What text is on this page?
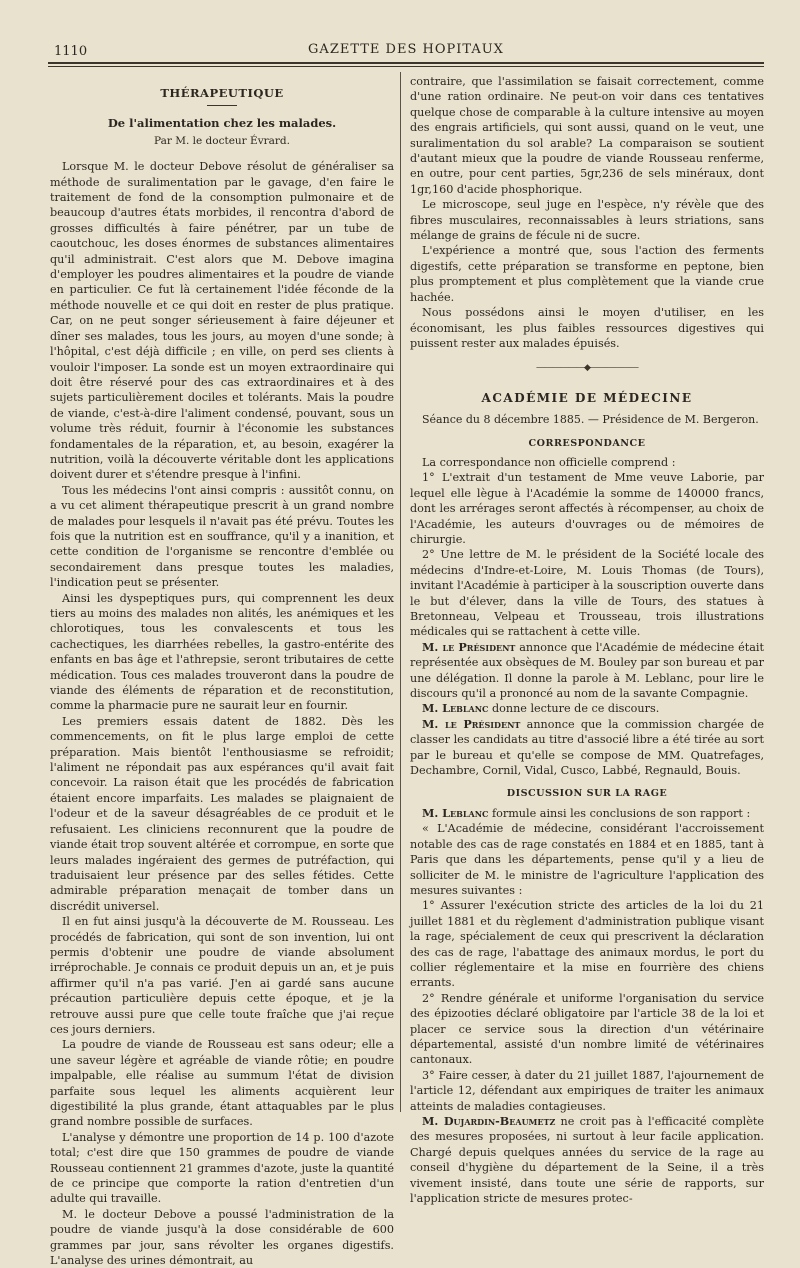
1110	GAZETTE DES HOPITAUX
THÉRAPEUTIQUE
De l'alimentation chez les malades.
Par M. le docteur Évrard.

Lorsque M. le docteur Debove résolut de généraliser sa méthode de suralimentation par le gavage, d'en faire le traitement de fond de la consomption pulmonaire et de beaucoup d'autres états morbides, il rencontra d'abord de grosses difficultés à faire pénétrer, par un tube de caoutchouc, les doses énormes de substances alimentaires qu'il administrait. C'est alors que M. Debove imagina d'employer les poudres alimentaires et la poudre de viande en particulier. Ce fut là certainement l'idée féconde de la méthode nouvelle et ce qui doit en rester de plus pratique. Car, on ne peut songer sérieusement à faire déjeuner et dîner ses malades, tous les jours, au moyen d'une sonde; à l'hôpital, c'est déjà difficile ; en ville, on perd ses clients à vouloir l'imposer. La sonde est un moyen extraordinaire qui doit être réservé pour des cas extraordinaires et à des sujets particulièrement dociles et tolérants. Mais la poudre de viande, c'est-à-dire l'aliment condensé, pouvant, sous un volume très réduit, fournir à l'économie les substances fondamentales de la réparation, et, au besoin, exagérer la nutrition, voilà la découverte véritable dont les applications doivent durer et s'étendre presque à l'infini.

Tous les médecins l'ont ainsi compris : aussitôt connu, on a vu cet aliment thérapeutique prescrit à un grand nombre de malades pour lesquels il n'avait pas été prévu. Toutes les fois que la nutrition est en souffrance, qu'il y a inanition, et cette condition de l'organisme se rencontre d'emblée ou secondairement dans presque toutes les maladies, l'indication peut se présenter.

Ainsi les dyspeptiques purs, qui comprennent les deux tiers au moins des malades non alités, les anémiques et les chlorotiques, tous les convalescents et tous les cachectiques, les diarrhées rebelles, la gastro-entérite des enfants en bas âge et l'athrepsie, seront tributaires de cette médication. Tous ces malades trouveront dans la poudre de viande des éléments de réparation et de reconstitution, comme la pharmacie pure ne saurait leur en fournir.

Les premiers essais datent de 1882. Dès les commencements, on fit le plus large emploi de cette préparation. Mais bientôt l'enthousiasme se refroidit; l'aliment ne répondait pas aux espérances qu'il avait fait concevoir. La raison était que les procédés de fabrication étaient encore imparfaits. Les malades se plaignaient de l'odeur et de la saveur désagréables de ce produit et le refusaient. Les cliniciens reconnurent que la poudre de viande était trop souvent altérée et corrompue, en sorte que leurs malades ingéraient des germes de putréfaction, qui traduisaient leur présence par des selles fétides. Cette admirable préparation menaçait de tomber dans un discrédit universel.

Il en fut ainsi jusqu'à la découverte de M. Rousseau. Les procédés de fabrication, qui sont de son invention, lui ont permis d'obtenir une poudre de viande absolument irréprochable. Je connais ce produit depuis un an, et je puis affirmer qu'il n'a pas varié. J'en ai gardé sans aucune précaution particulière depuis cette époque, et je la retrouve aussi pure que celle toute fraîche que j'ai reçue ces jours derniers.

La poudre de viande de Rousseau est sans odeur; elle a une saveur légère et agréable de viande rôtie; en poudre impalpable, elle réalise au summum l'état de division parfaite sous lequel les aliments acquièrent leur digestibilité la plus grande, étant attaquables par le plus grand nombre possible de surfaces.

L'analyse y démontre une proportion de 14 p. 100 d'azote total; c'est dire que 150 grammes de poudre de viande Rousseau contiennent 21 grammes d'azote, juste la quantité de ce principe que comporte la ration d'entretien d'un adulte qui travaille.

M. le docteur Debove a poussé l'administration de la poudre de viande jusqu'à la dose considérable de 600 grammes par jour, sans révolter les organes digestifs. L'analyse des urines démontrait, au

contraire, que l'assimilation se faisait correctement, comme d'une ration ordinaire. Ne peut-on voir dans ces tentatives quelque chose de comparable à la culture intensive au moyen des engrais artificiels, qui sont aussi, quand on le veut, une suralimentation du sol arable? La comparaison se soutient d'autant mieux que la poudre de viande Rousseau renferme, en outre, pour cent parties, 5gr,236 de sels minéraux, dont 1gr,160 d'acide phosphorique.

Le microscope, seul juge en l'espèce, n'y révèle que des fibres musculaires, reconnaissables à leurs striations, sans mélange de grains de fécule ni de sucre.

L'expérience a montré que, sous l'action des ferments digestifs, cette préparation se transforme en peptone, bien plus promptement et plus complètement que la viande crue hachée.

Nous possédons ainsi le moyen d'utiliser, en les économisant, les plus faibles ressources digestives qui puissent rester aux malades épuisés.

——————◆——————
ACADÉMIE DE MÉDECINE
Séance du 8 décembre 1885. — Présidence de M. Bergeron.
CORRESPONDANCE

La correspondance non officielle comprend :

1° L'extrait d'un testament de Mme veuve Laborie, par lequel elle lègue à l'Académie la somme de 140000 francs, dont les arrérages seront affectés à récompenser, au choix de l'Académie, les auteurs d'ouvrages ou de mémoires de chirurgie.

2° Une lettre de M. le président de la Société locale des médecins d'Indre-et-Loire, M. Louis Thomas (de Tours), invitant l'Académie à participer à la souscription ouverte dans le but d'élever, dans la ville de Tours, des statues à Bretonneau, Velpeau et Trousseau, trois illustrations médicales qui se rattachent à cette ville.

M. le Président annonce que l'Académie de médecine était représentée aux obsèques de M. Bouley par son bureau et par une délégation. Il donne la parole à M. Leblanc, pour lire le discours qu'il a prononcé au nom de la savante Compagnie.

M. Leblanc donne lecture de ce discours.

M. le Président annonce que la commission chargée de classer les candidats au titre d'associé libre a été tirée au sort par le bureau et qu'elle se compose de MM. Quatrefages, Dechambre, Cornil, Vidal, Cusco, Labbé, Regnauld, Bouis.

DISCUSSION SUR LA RAGE

M. Leblanc formule ainsi les conclusions de son rapport :

« L'Académie de médecine, considérant l'accroissement notable des cas de rage constatés en 1884 et en 1885, tant à Paris que dans les départements, pense qu'il y a lieu de solliciter de M. le ministre de l'agriculture l'application des mesures suivantes :

1° Assurer l'exécution stricte des articles de la loi du 21 juillet 1881 et du règlement d'administration publique visant la rage, spécialement de ceux qui prescrivent la déclaration des cas de rage, l'abattage des animaux mordus, le port du collier réglementaire et la mise en fourrière des chiens errants.

2° Rendre générale et uniforme l'organisation du service des épizooties déclaré obligatoire par l'article 38 de la loi et placer ce service sous la direction d'un vétérinaire départemental, assisté d'un nombre limité de vétérinaires cantonaux.

3° Faire cesser, à dater du 21 juillet 1887, l'ajournement de l'article 12, défendant aux empiriques de traiter les animaux atteints de maladies contagieuses.

M. Dujardin-Beaumetz ne croit pas à l'efficacité complète des mesures proposées, ni surtout à leur facile application. Chargé depuis quelques années du service de la rage au conseil d'hygiène du département de la Seine, il a très vivement insisté, dans toute une série de rapports, sur l'application stricte de mesures protec-
